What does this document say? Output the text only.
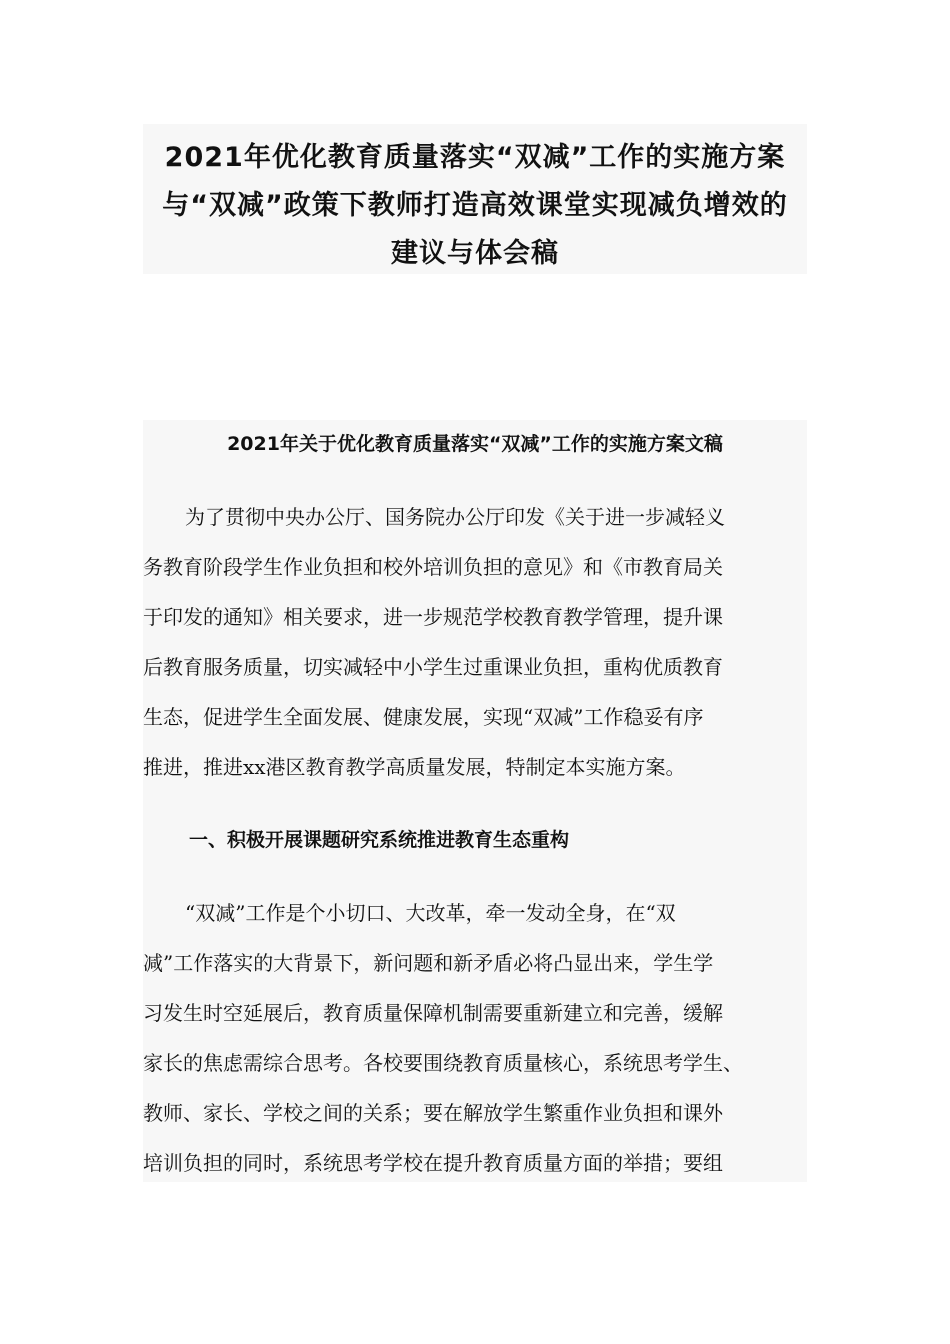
2021年优化教育质量落实“双减”工作的实施方案
与“双减”政策下教师打造高效课堂实现减负增效的
建议与体会稿
2021年关于优化教育质量落实“双减”工作的实施方案文稿
为了贯彻中央办公厅、国务院办公厅印发《关于进一步减轻义
务教育阶段学生作业负担和校外培训负担的意见》和《市教育局关
于印发的通知》相关要求，进一步规范学校教育教学管理，提升课
后教育服务质量，切实减轻中小学生过重课业负担，重构优质教育
生态，促进学生全面发展、健康发展，实现“双减”工作稳妥有序
推进，推进xx港区教育教学高质量发展，特制定本实施方案。
一、积极开展课题研究系统推进教育生态重构
“双减”工作是个小切口、大改革，牵一发动全身，在“双
减”工作落实的大背景下，新问题和新矛盾必将凸显出来，学生学
习发生时空延展后，教育质量保障机制需要重新建立和完善，缓解
家长的焦虑需综合思考。各校要围绕教育质量核心，系统思考学生、
教师、家长、学校之间的关系；要在解放学生繁重作业负担和课外
培训负担的同时，系统思考学校在提升教育质量方面的举措；要组
